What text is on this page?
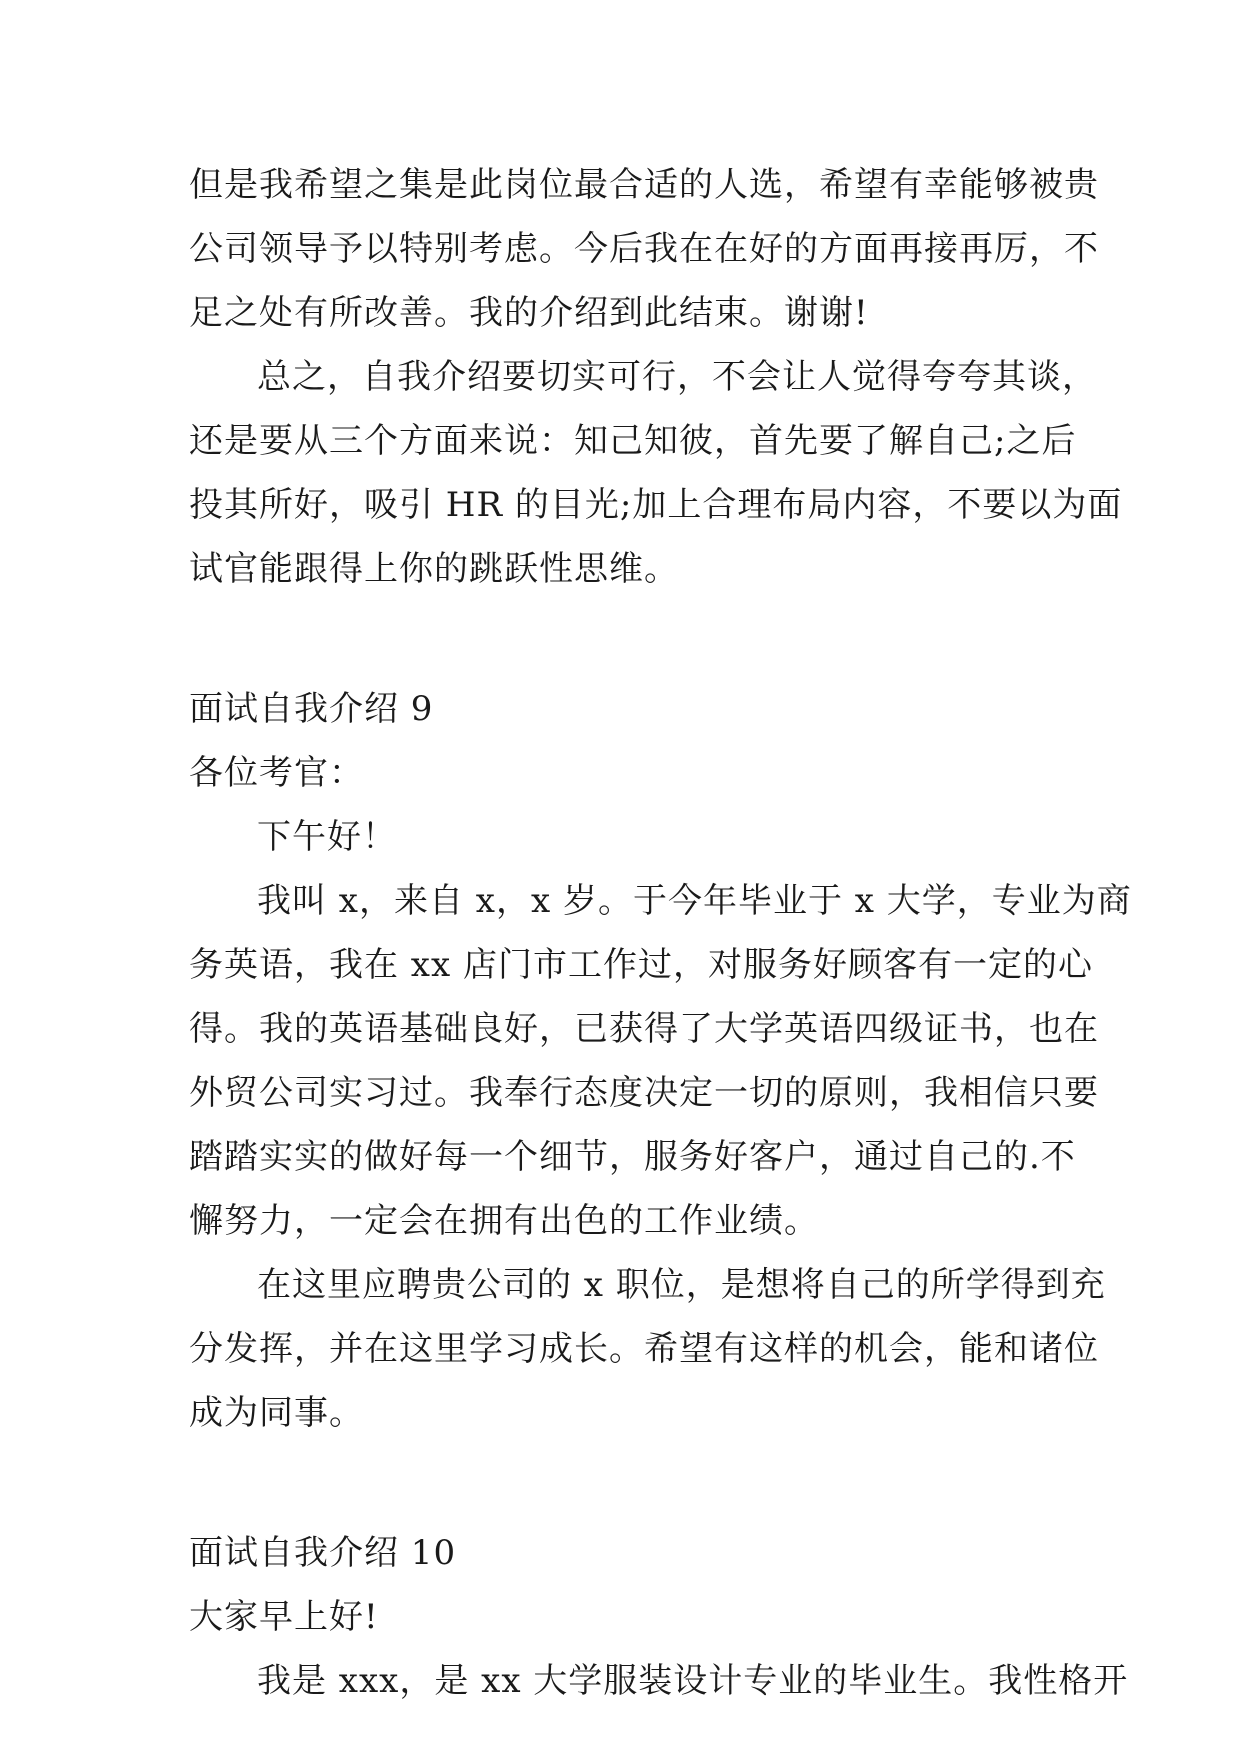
但是我希望之集是此岗位最合适的人选，希望有幸能够被贵
公司领导予以特别考虑。今后我在在好的方面再接再厉，不
足之处有所改善。我的介绍到此结束。谢谢!
总之，自我介绍要切实可行，不会让人觉得夸夸其谈，
还是要从三个方面来说：知己知彼，首先要了解自己;之后
投其所好，吸引 HR 的目光;加上合理布局内容，不要以为面
试官能跟得上你的跳跃性思维。
面试自我介绍 9
各位考官：
下午好！
我叫 x，来自 x，x 岁。于今年毕业于 x 大学，专业为商
务英语，我在 xx 店门市工作过，对服务好顾客有一定的心
得。我的英语基础良好，已获得了大学英语四级证书，也在
外贸公司实习过。我奉行态度决定一切的原则，我相信只要
踏踏实实的做好每一个细节，服务好客户，通过自己的.不
懈努力，一定会在拥有出色的工作业绩。
在这里应聘贵公司的 x 职位，是想将自己的所学得到充
分发挥，并在这里学习成长。希望有这样的机会，能和诸位
成为同事。
面试自我介绍 10
大家早上好!
我是 xxx，是 xx 大学服装设计专业的毕业生。我性格开
